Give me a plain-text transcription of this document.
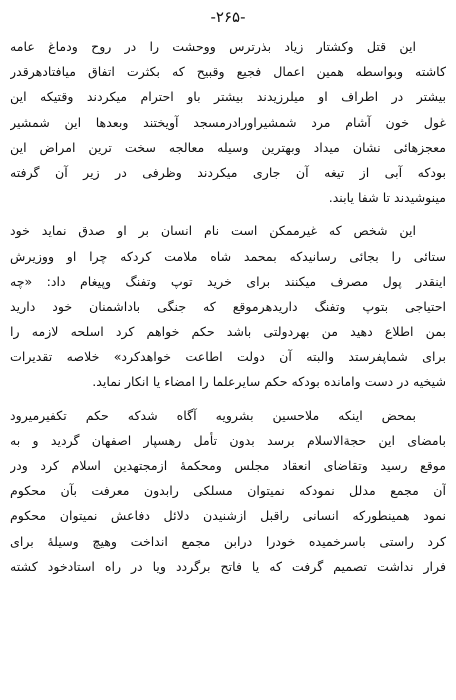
-۲۶۵-
این قتل وکشتار زیاد بذرترس ووحشت را در روح ودماغ عامه
کاشته وبواسطه همین اعمال فجیع وقبیح که بکثرت اتفاق میافتادهرقدر
بیشتر در اطراف او میلرزیدند بیشتر باو احترام میکردند وقتیکه این
غول خون آشام مرد شمشیراورادرمسجد آویختند وبعدها این شمشیر
معجزهائی نشان میداد وبهترین وسیله معالجه سخت ترین امراض این
بودکه آبی از تیغه آن جاری میکردند وظرفی در زیر آن گرفته
مینوشیدند تا شفا یابند.
این شخص که غیرممکن است نام انسان بر او صدق نماید خود
ستائی را بجائی رسانیدکه بمحمد شاه ملامت کردکه چرا او ووزیرش
اینقدر پول مصرف میکنند برای خرید توپ وتفنگ وپیغام داد: «چه
احتیاجی بتوپ وتفنگ داریدهرموقع که جنگی باداشمنان خود دارید
بمن اطلاع دهید من بهردولتی باشد حکم خواهم کرد اسلحه لازمه را
برای شماپفرستد والبته آن دولت اطاعت خواهدکرد» خلاصه تقدیرات
شیخیه در دست وامانده بودکه حکم سایرعلما را امضاء یا انکار نماید.
بمحض اینکه ملاحسین بشرویه آگاه شدکه حکم تکفیرمیرود
بامضای این حجةالاسلام برسد بدون تأمل رهسپار اصفهان گردید و به
موقع رسید وتقاضای انعقاد مجلس ومحکمهٔ ازمجتهدین اسلام کرد ودر
آن مجمع مدلل نمودکه نمیتوان مسلکی رابدون معرفت بآن محکوم
نمود همینطورکه انسانی راقبل ازشنیدن دلائل دفاعش نمیتوان محکوم
کرد راستی باسرخمیده خودرا درابن مجمع انداخت وهیچ وسیلهٔ برای
فرار نداشت تصمیم گرفت که یا فاتح برگردد ویا در راه استادخود کشته
